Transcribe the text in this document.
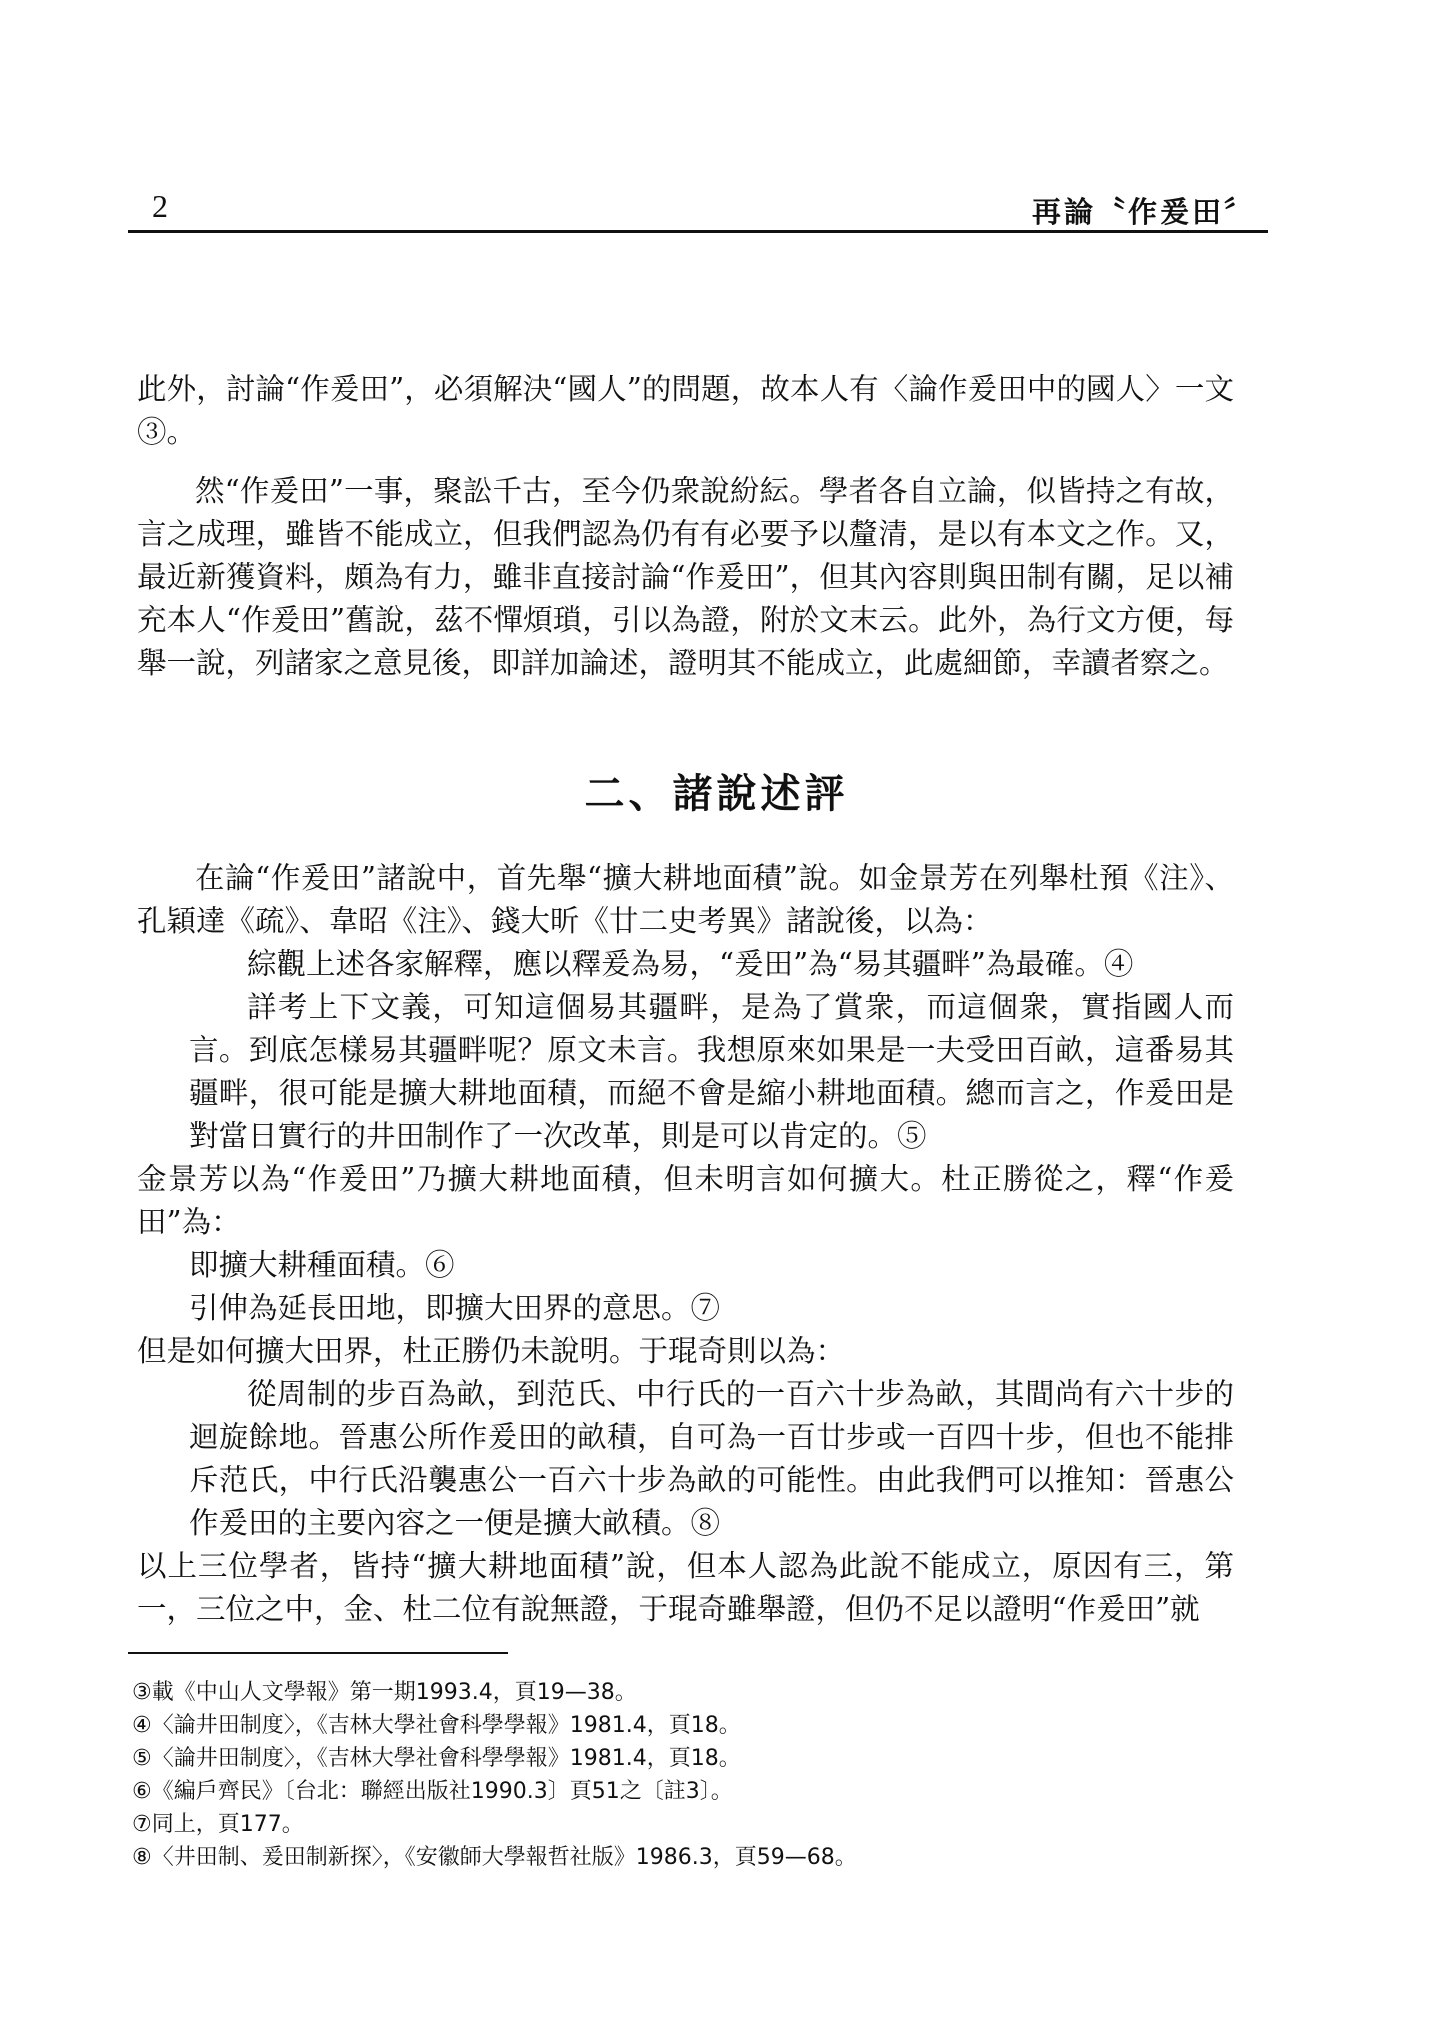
2	再論〝作爰田〞

此外，討論“作爰田”，必須解決“國人”的問題，故本人有〈論作爰田中的國人〉一文③。

然“作爰田”一事，聚訟千古，至今仍衆說紛紜。學者各自立論，似皆持之有故，言之成理，雖皆不能成立，但我們認為仍有有必要予以釐清，是以有本文之作。又，最近新獲資料，頗為有力，雖非直接討論“作爰田”，但其內容則與田制有關，足以補充本人“作爰田”舊說，茲不憚煩瑣，引以為證，附於文末云。此外，為行文方便，每舉一說，列諸家之意見後，即詳加論述，證明其不能成立，此處細節，幸讀者察之。

二、諸說述評

在論“作爰田”諸說中，首先舉“擴大耕地面積”說。如金景芳在列舉杜預《注》、孔穎達《疏》、韋昭《注》、錢大昕《廿二史考異》諸說後，以為：

綜觀上述各家解釋，應以釋爰為易，“爰田”為“易其疆畔”為最確。④

詳考上下文義，可知這個易其疆畔，是為了賞衆，而這個衆，實指國人而言。到底怎樣易其疆畔呢？原文未言。我想原來如果是一夫受田百畝，這番易其疆畔，很可能是擴大耕地面積，而絕不會是縮小耕地面積。總而言之，作爰田是對當日實行的井田制作了一次改革，則是可以肯定的。⑤

金景芳以為“作爰田”乃擴大耕地面積，但未明言如何擴大。杜正勝從之，釋“作爰田”為：

即擴大耕種面積。⑥

引伸為延長田地，即擴大田界的意思。⑦

但是如何擴大田界，杜正勝仍未說明。于琨奇則以為：

從周制的步百為畝，到范氏、中行氏的一百六十步為畝，其間尚有六十步的迴旋餘地。晉惠公所作爰田的畝積，自可為一百廿步或一百四十步，但也不能排斥范氏，中行氏沿襲惠公一百六十步為畝的可能性。由此我們可以推知：晉惠公作爰田的主要內容之一便是擴大畝積。⑧

以上三位學者，皆持“擴大耕地面積”說，但本人認為此說不能成立，原因有三，第一，三位之中，金、杜二位有說無證，于琨奇雖舉證，但仍不足以證明“作爰田”就

③載《中山人文學報》第一期1993.4，頁19—38。

④〈論井田制度〉，《吉林大學社會科學學報》1981.4，頁18。

⑤〈論井田制度〉，《吉林大學社會科學學報》1981.4，頁18。

⑥《編戶齊民》〔台北：聯經出版社1990.3〕頁51之〔註3〕。

⑦同上，頁177。

⑧〈井田制、爰田制新探〉，《安徽師大學報哲社版》1986.3，頁59—68。
